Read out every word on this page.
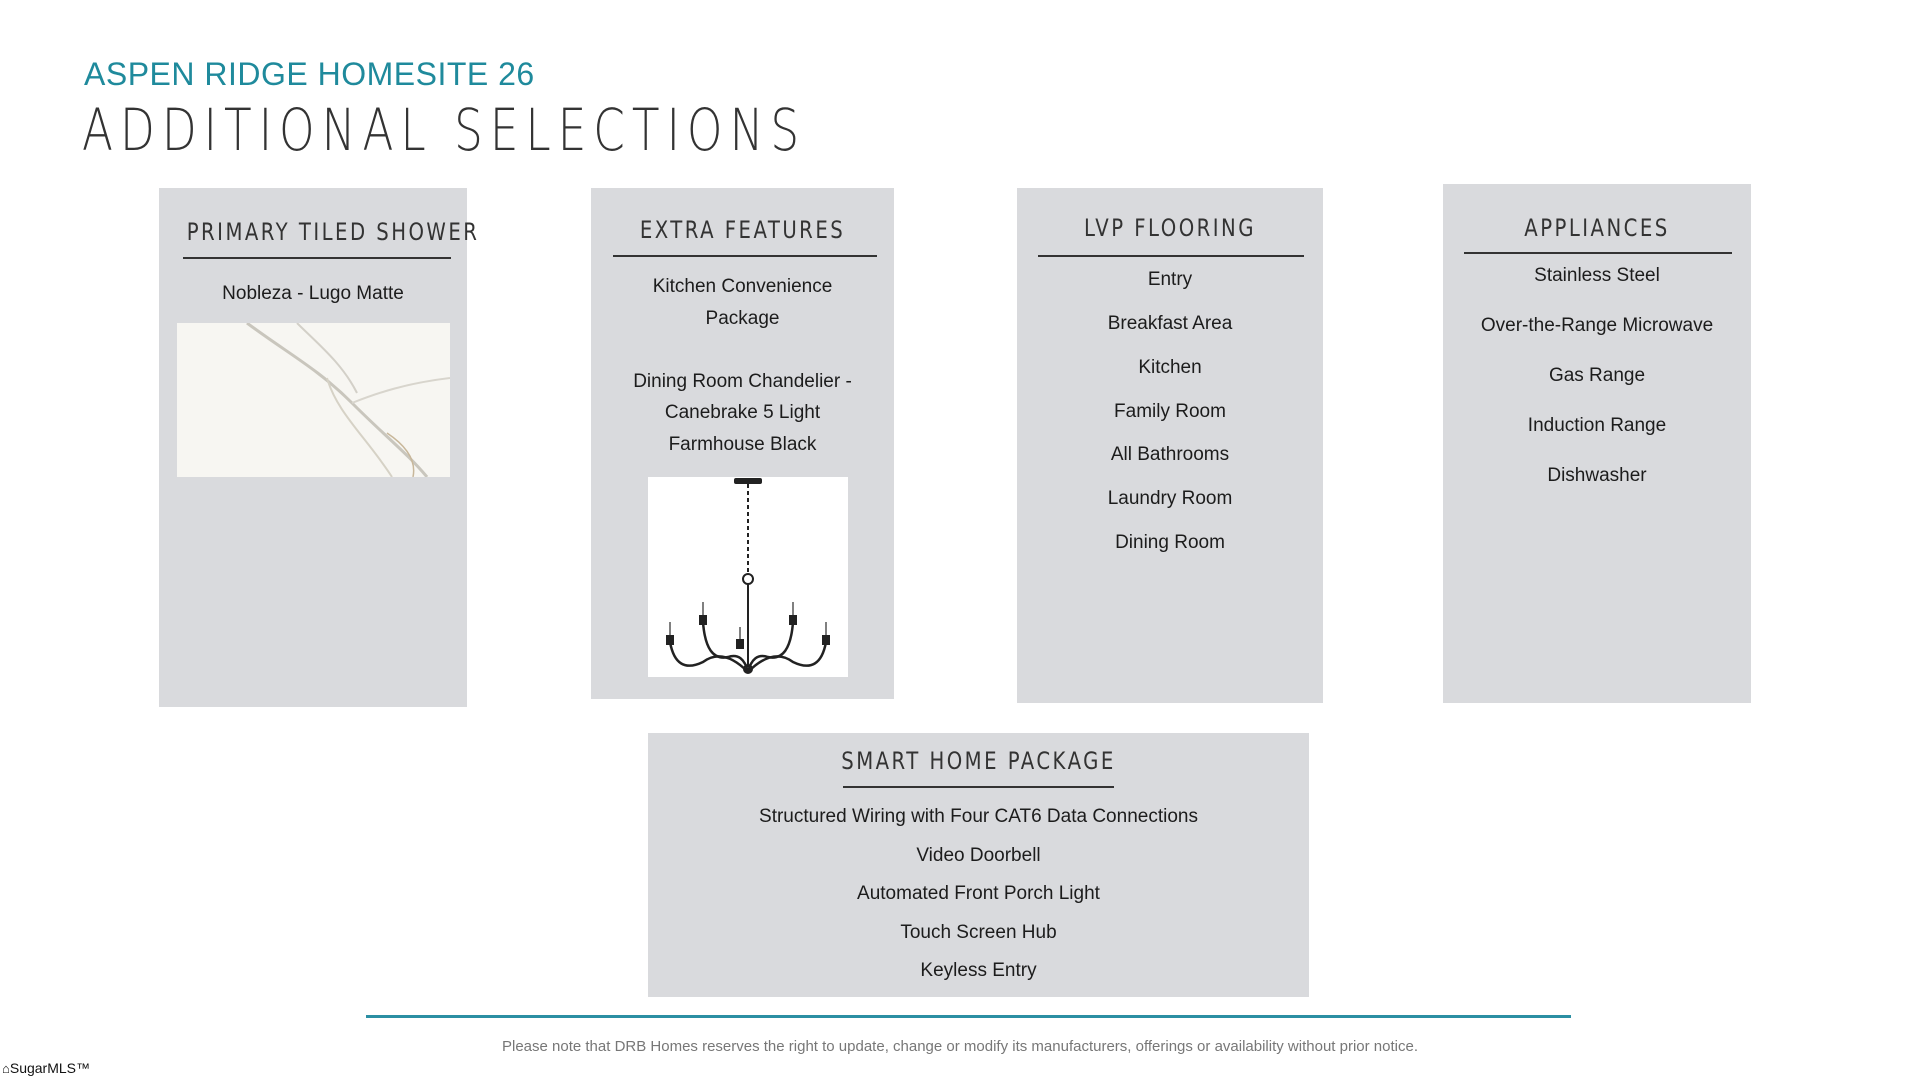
ASPEN RIDGE HOMESITE 26
ADDITIONAL SELECTIONS
PRIMARY TILED SHOWER
Nobleza - Lugo Matte
EXTRA FEATURES
Kitchen Convenience
Package
Dining Room Chandelier -
Canebrake 5 Light
Farmhouse Black
LVP FLOORING
Entry
Breakfast Area
Kitchen
Family Room
All Bathrooms
Laundry Room
Dining Room
APPLIANCES
Stainless Steel
Over-the-Range Microwave
Gas Range
Induction Range
Dishwasher
SMART HOME PACKAGE
Structured Wiring with Four CAT6 Data Connections
Video Doorbell
Automated Front Porch Light
Touch Screen Hub
Keyless Entry
Please note that DRB Homes reserves the right to update, change or modify its manufacturers, offerings or availability without prior notice.
⌂SugarMLS™
